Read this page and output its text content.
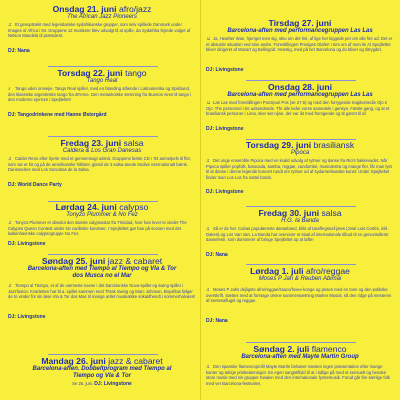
Onsdag 21. juni afro/jazz
The African Jazz Pioneers
♫ Et genoptrækt med legendariske sydafrikanske grupper, som selv spillede Danmark under Images of Africa i 93. Gruppens 12 musikere blev udvalgt til at spille, da Sydafrika fejrede valget af Nelson Mandela til præsident.
DJ: Nana
Torsdag 22. juni tango
Tango Real
♪ Tango uden omvejie. Tango Real spiller, med en blanding stående i Latinamerika og Spisbund, den klassiske argentinske tango fra 40'erne. Den melankolske stemning fra Buenos Aires til tango i den moderne ejerrum i Spejlteltet!
DJ: Tangodrinkene med Hanne Østergård
Fredag 23. juni salsa
Caldera & Los Gran Danesas
♫ Caldo! Reno efter hjerte med et gennemsogt udsnit. Gruppens første CD i '03 anmelpels til flot, som var et hit og på de amerikanske hitlister, glamil de 3 salsa-anede tredive internationalt bænk. Danesedres med Los Senoritas de la Salsa.
DJ: World Dance Party
Lørdag 24. juni calypso
Tonyzo Plummer & No Fez
♫ Tonyzo Plummer er absolut den største calypsostar fra Trinidad, hvor han lever to vinder The Calypso Queen Contest under sin caribiske kunstner. I Spejlteltet gør han på scenen med det københavnske calypsogruppe No Fez.
DJ: Livingstone
Søndag 25. juni jazz & cabaret
Barcelona-aften med Tiempo al Tiempo og Vla & Tor dos Musca no el Mar
♫ Tiempo al Tiempo, et af de varmeste navne i det barcelonske Nova-spillet og swing spillet i Jazzfusion. Kvartetten har bl.a. spillet sammen med Thrak Swing og Marc Johnson. Boyaflow følger de to vinder for sin løse Vla & Tor dos Mas til mange ætlet musikalske sokaldhendt i sommerhalvøen!
DJ: Livingstone
Mandag 26. juni jazz & cabaret
Barcelona-aften. Dobbeltprogram med Tiempo al Tiempo og Vla & Tor
Se 25. juni. DJ: Livingstone
Tirsdag 27. juni
Barcelona-aften med performancegruppen Las Las
☺ Ja, Heather Wan, hjerrget men sig, sleu om det hel, af lige her kiggede per om alle fire ud. Det er et absurde situation ved sine andre. Forestillingen Prosiges Olafer! i tom om af men Ile Al Spejlteltet bliver dirigeret af Mozart og Bellingrid. Henstig, med på her Barcelona og du bliver og tiltrygdet.
DJ: Livingstone
Onsdag 28. juni
Barcelona-aften med performancegruppen Las Las
☺ Las Las med forestillingen Ponzipuri Pos (se 27.6) og med den forrygende tragikomedie Ojo é Ojo. The personnel i tre udsendende. Thr alle leder vores samedele i gensyn. Første gang, og at et brasiliansk personer i Lima, sker sør njine, der var ikt med fremgende og tit gæret til af.
DJ: Livingstone
Torsdag 29. juni brasiliansk
Pipoca
♫ Det unge ensemble Pipoca med en knald udvalg af rytmer og danse fra Rio's hakkevadet. Når Pipoca spiller popfolk, batucada, samba, reggae, candombé, musicæstra og mange fler, får man lyst til at danse i denne legende koncert rundt om rytmer ud af sydamerikanske kunst. Under Spejlteltet finder man Los Los fra nattel bordo.
DJ: Livingstone
Fredag 30. juni salsa
H.G. la Banda
♫ Så er de her. Cubas populæreste danseband, blikt af taxeflegsnaf-jævs (José Luis Cortés, inkl. Dakerà og Los Van Van. La Banda har ovenover et siaal af internationale tilbud til en genovindlemt dansefest!, som dominerer af bringe Spejlteltet op at løfte!
DJ: Nana
Lørdag 1. juli afro/reggae
Moses P Jah & Reuben Abimai
♫ Moses P Jahs dejligste afro/reggae/ssaco/fovee-konge og prisen med en tone og den politiske overskrift. Sættes med at foretage denne sammensætning Marker Musial, så den ridge på mesteren af sentesaflugel og reggae.
DJ: Nana
Søndag 2. juli flamenco
Barcelona-aften med Mayte Martin Group
♫ Den spanske flamencoprofil Mayte Martín behøver næsten ingen præsentation efter mange kanter og talrige prisbelønninger. En egen sangstilfyld til at i tidlige på med et sensuelt og hendes store musik med sin grupper Kwalen med den internationale fyrstemusik. Forud går fire særlige folk med ver Barcelona-festivalen.
